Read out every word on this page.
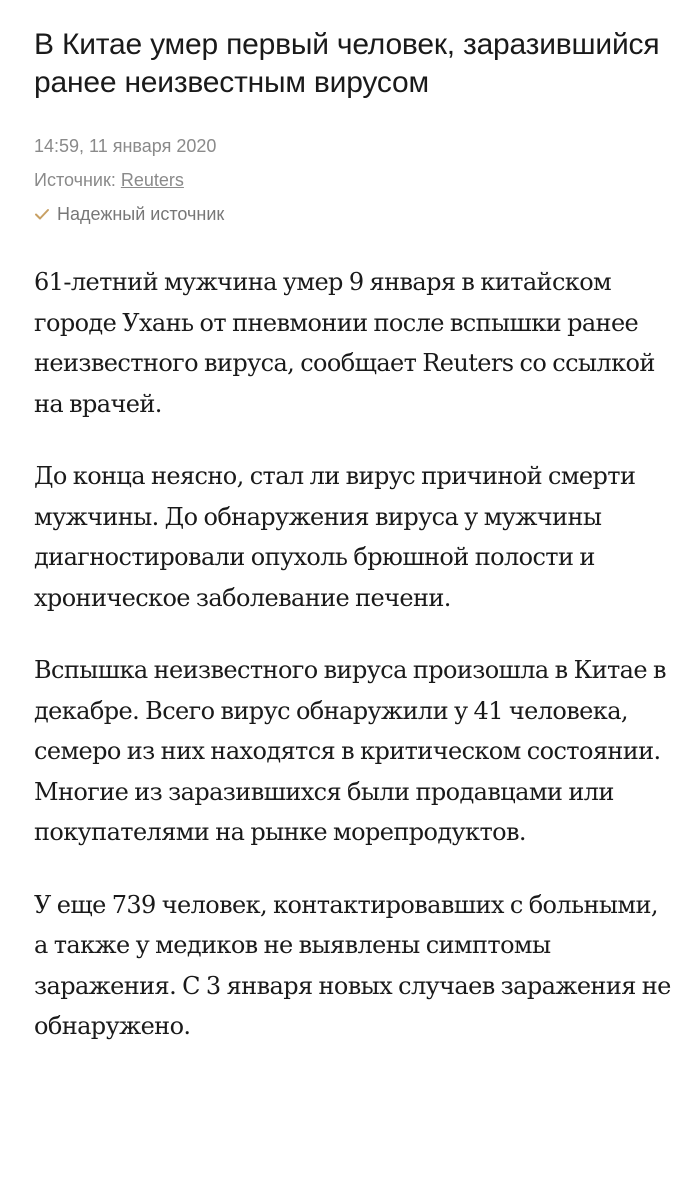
В Китае умер первый человек, заразившийся ранее неизвестным вирусом
14:59, 11 января 2020
Источник: Reuters
Надежный источник

61-летний мужчина умер 9 января в китайском городе Ухань от пневмонии после вспышки ранее неизвестного вируса, сообщает Reuters со ссылкой на врачей.

До конца неясно, стал ли вирус причиной смерти мужчины. До обнаружения вируса у мужчины диагностировали опухоль брюшной полости и хроническое заболевание печени.

Вспышка неизвестного вируса произошла в Китае в декабре. Всего вирус обнаружили у 41 человека, семеро из них находятся в критическом состоянии. Многие из заразившихся были продавцами или покупателями на рынке морепродуктов.

У еще 739 человек, контактировавших с больными, а также у медиков не выявлены симптомы заражения. С 3 января новых случаев заражения не обнаружено.
